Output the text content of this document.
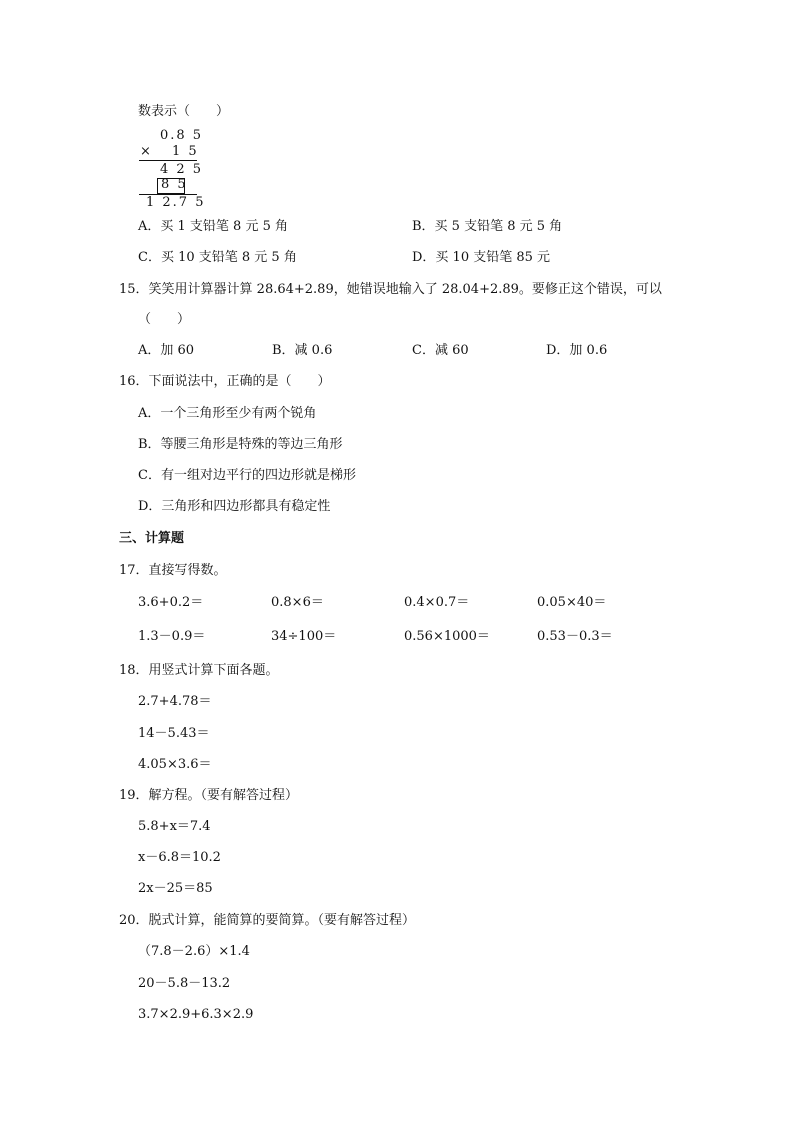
数表示（　　）
0.8 5
× 1 5
4 2 5
8 5
1 2.7 5
A．买 1 支铅笔 8 元 5 角	B．买 5 支铅笔 8 元 5 角
C．买 10 支铅笔 8 元 5 角	D．买 10 支铅笔 85 元
15．笑笑用计算器计算 28.64+2.89，她错误地输入了 28.04+2.89。要修正这个错误，可以
（　　）
A．加 60	B．减 0.6	C．减 60	D．加 0.6
16．下面说法中，正确的是（　　）
A．一个三角形至少有两个锐角
B．等腰三角形是特殊的等边三角形
C．有一组对边平行的四边形就是梯形
D．三角形和四边形都具有稳定性
三、计算题
17．直接写得数。
3.6+0.2＝	0.8×6＝	0.4×0.7＝	0.05×40＝
1.3－0.9＝	34÷100＝	0.56×1000＝	0.53－0.3＝
18．用竖式计算下面各题。
2.7+4.78＝
14－5.43＝
4.05×3.6＝
19．解方程。（要有解答过程）
5.8+x＝7.4
x－6.8＝10.2
2x－25＝85
20．脱式计算，能简算的要简算。（要有解答过程）
（7.8－2.6）×1.4
20－5.8－13.2
3.7×2.9+6.3×2.9
